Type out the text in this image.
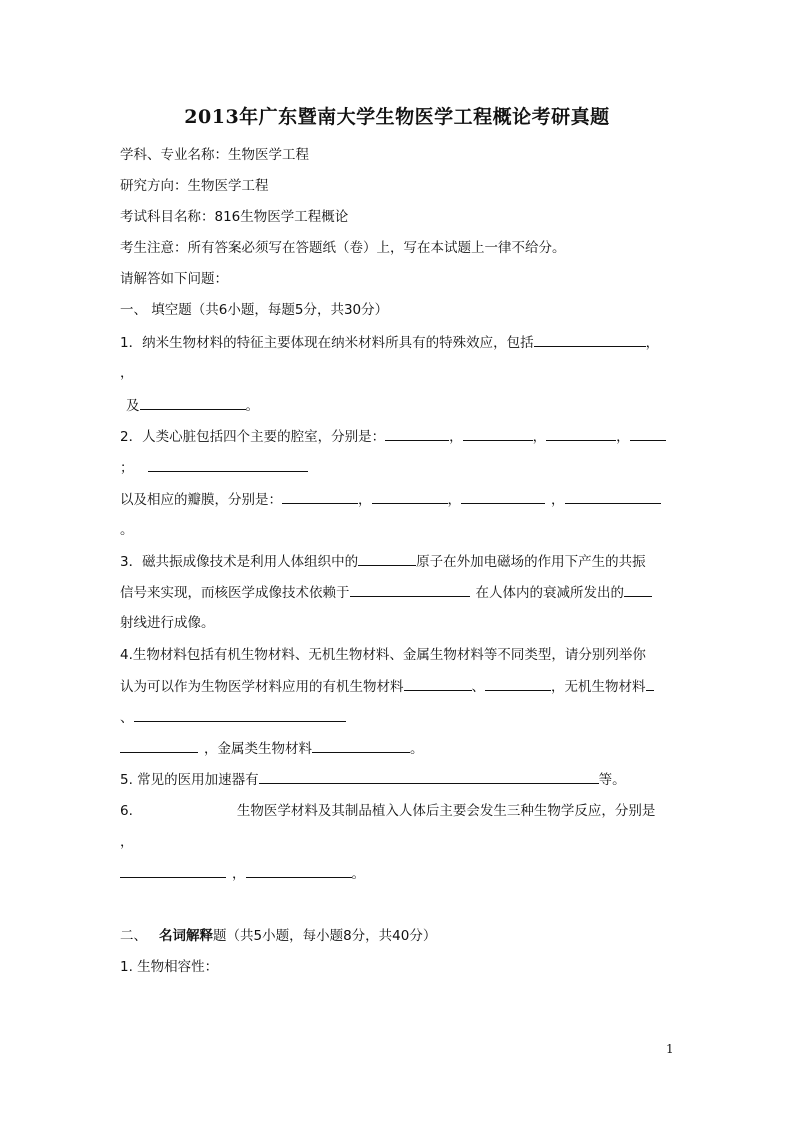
2013年广东暨南大学生物医学工程概论考研真题
学科、专业名称：生物医学工程
研究方向：生物医学工程
考试科目名称：816生物医学工程概论
考生注意：所有答案必须写在答题纸（卷）上，写在本试题上一律不给分。
请解答如下问题：
一、 填空题（共6小题，每题5分，共30分）
1．纳米生物材料的特征主要体现在纳米材料所具有的特殊效应，包括	，
，
及	。
2．人类心脏包括四个主要的腔室，分别是：	，	，	，
；
以及相应的瓣膜，分别是：	，	，	，
。
3．磁共振成像技术是利用人体组织中的	原子在外加电磁场的作用下产生的共振
信号来实现，而核医学成像技术依赖于	在人体内的衰减所发出的
射线进行成像。
4.生物材料包括有机生物材料、无机生物材料、金属生物材料等不同类型，请分别列举你
认为可以作为生物医学材料应用的有机生物材料	、	，无机生物材料
、
，金属类生物材料	。
5. 常见的医用加速器有	等。
6.	生物医学材料及其制品植入人体后主要会发生三种生物学反应，分别是
，
，	。
二、 名词解释题（共5小题，每小题8分，共40分）
1. 生物相容性：
1
